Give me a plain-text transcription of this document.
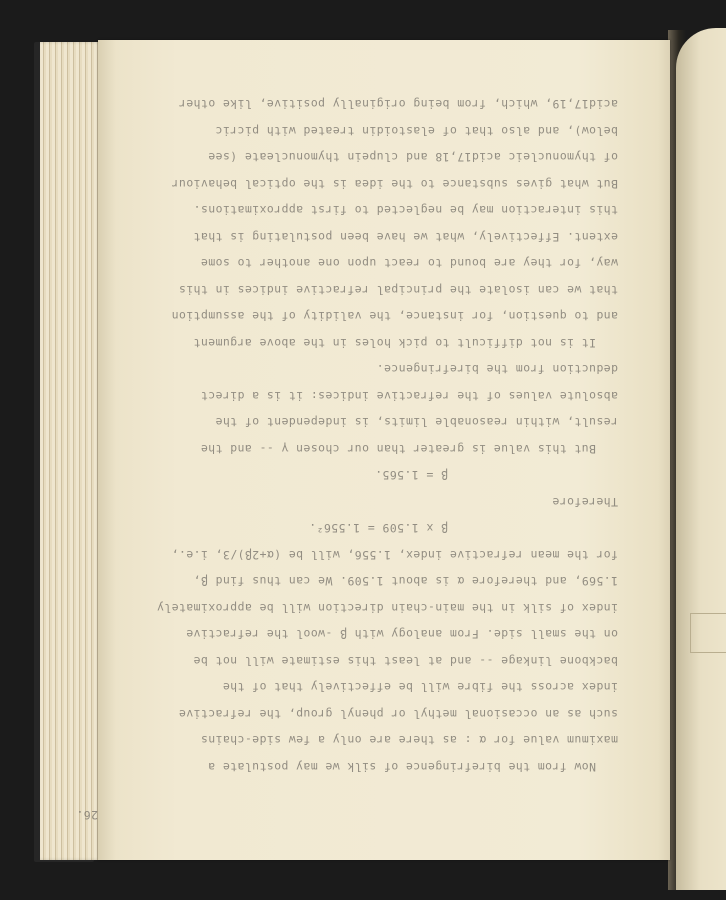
26.
Now from the birefringence of silk we may postulate a
maximum value for α : as there are only a few side-chains
such as an occasional methyl or phenyl group, the refractive
index across the fibre will be effectively that of the
backbone linkage -- and at least this estimate will not be
on the small side. From analogy with β -wool the refractive
index of silk in the main-chain direction will be approximately
1.569, and therefore α is about 1.509. We can thus find β,
for the mean refractive index, 1.556, will be (α+2β)/3, i.e.,
β x 1.509 = 1.556².
Therefore
β = 1.565.
But this value is greater than our chosen γ -- and the
result, within reasonable limits, is independent of the
absolute values of the refractive indices: it is a direct
deduction from the birefringence.
It is not difficult to pick holes in the above argument
and to question, for instance, the validity of the assumption
that we can isolate the principal refractive indices in this
way, for they are bound to react upon one another to some
extent. Effectively, what we have been postulating is that
this interaction may be neglected to first approximations.
But what gives substance to the idea is the optical behaviour
of thymonucleic acid17,18 and clupein thymonucleate (see
below), and also that of elastoidin treated with picric
acid17,19, which, from being originally positive, like other
